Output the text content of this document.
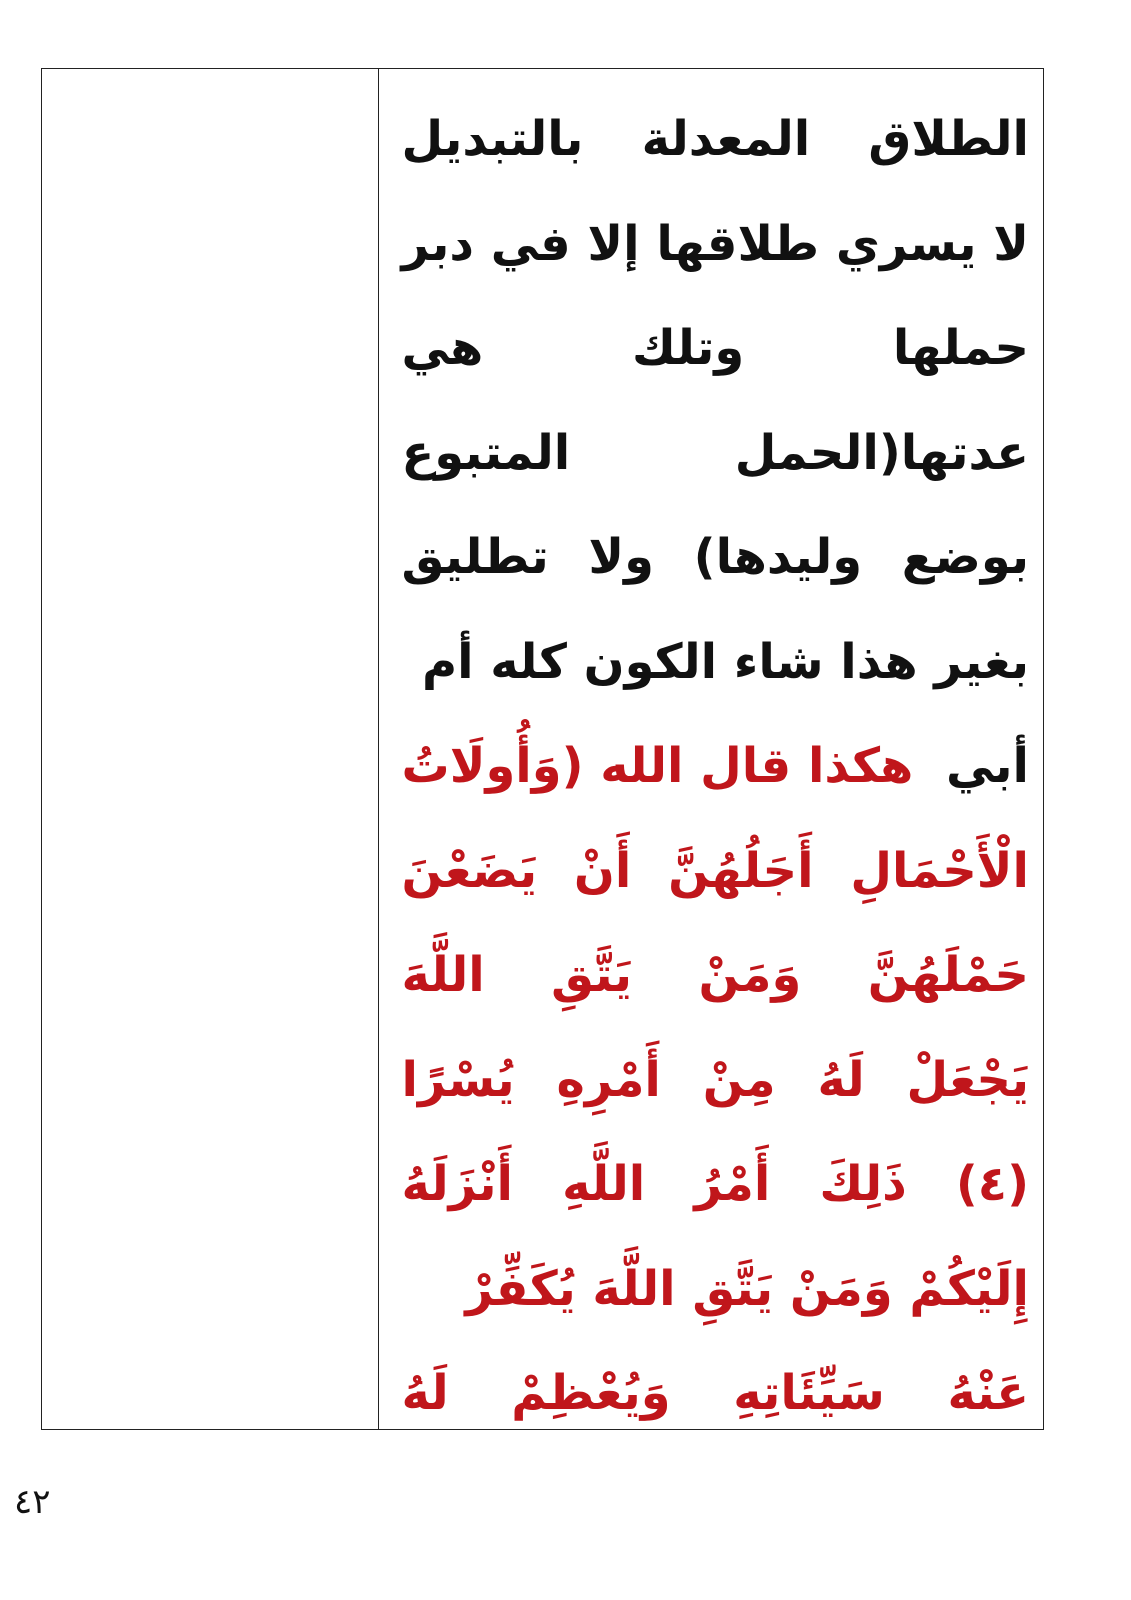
الطلاق
المعدلة
بالتبديل
لا يسري طلاقها إلا في دبر
حملها
وتلك
هي
عدتها(الحمل
المتبوع
بوضع
وليدها)
ولا
تطليق
بغير هذا شاء الكون كله أم
أبي
هكذا قال الله (وَأُولَاتُ
الْأَحْمَالِ
أَجَلُهُنَّ
أَنْ
يَضَعْنَ
حَمْلَهُنَّ
وَمَنْ
يَتَّقِ
اللَّهَ
يَجْعَلْ
لَهُ
مِنْ
أَمْرِهِ
يُسْرًا
(٤)
ذَلِكَ
أَمْرُ
اللَّهِ
أَنْزَلَهُ
إِلَيْكُمْ وَمَنْ يَتَّقِ اللَّهَ يُكَفِّرْ
عَنْهُ
سَيِّئَاتِهِ
وَيُعْظِمْ
لَهُ
٤٢
